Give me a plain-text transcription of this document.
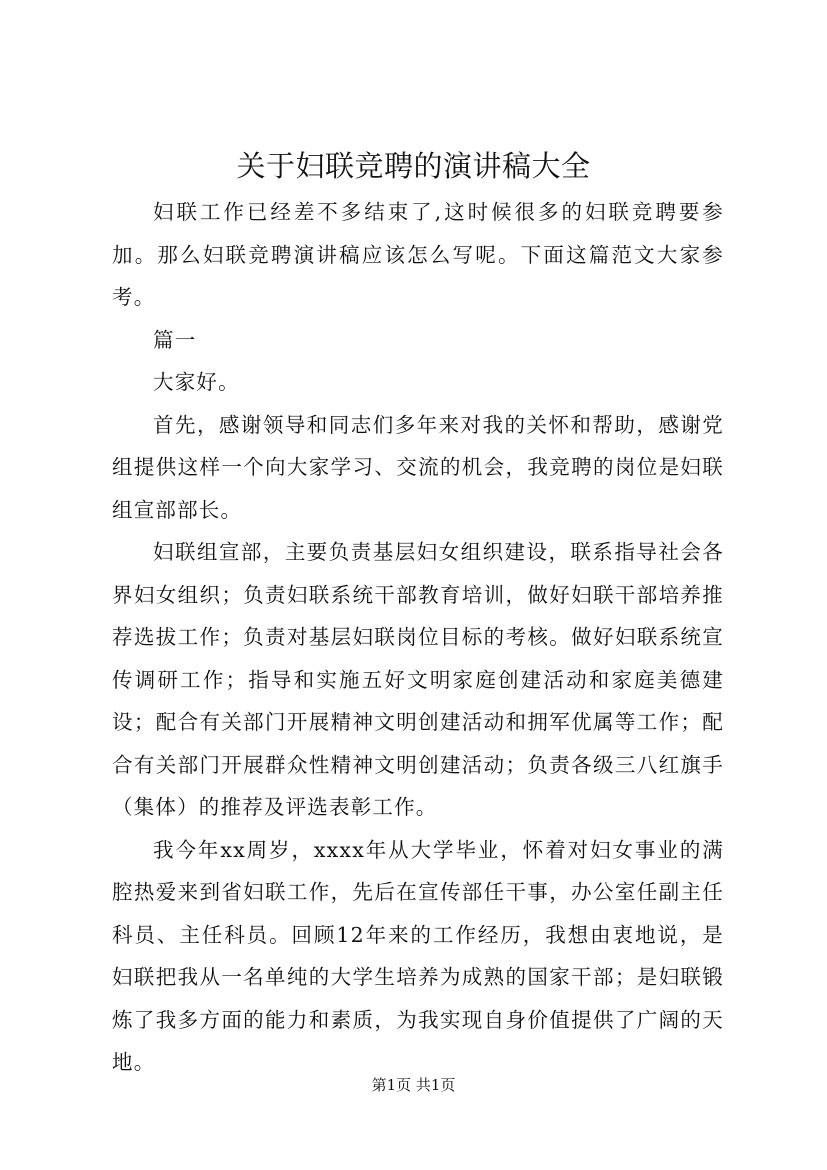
关于妇联竞聘的演讲稿大全

妇联工作已经差不多结束了,这时候很多的妇联竞聘要参加。那么妇联竞聘演讲稿应该怎么写呢。下面这篇范文大家参考。

篇一

大家好。

首先，感谢领导和同志们多年来对我的关怀和帮助，感谢党组提供这样一个向大家学习、交流的机会，我竞聘的岗位是妇联组宣部部长。

妇联组宣部，主要负责基层妇女组织建设，联系指导社会各界妇女组织；负责妇联系统干部教育培训，做好妇联干部培养推荐选拔工作；负责对基层妇联岗位目标的考核。做好妇联系统宣传调研工作；指导和实施五好文明家庭创建活动和家庭美德建设；配合有关部门开展精神文明创建活动和拥军优属等工作；配合有关部门开展群众性精神文明创建活动；负责各级三八红旗手（集体）的推荐及评选表彰工作。

我今年xx周岁，xxxx年从大学毕业，怀着对妇女事业的满腔热爱来到省妇联工作，先后在宣传部任干事，办公室任副主任科员、主任科员。回顾12年来的工作经历，我想由衷地说，是妇联把我从一名单纯的大学生培养为成熟的国家干部；是妇联锻炼了我多方面的能力和素质，为我实现自身价值提供了广阔的天地。

第1页 共1页
